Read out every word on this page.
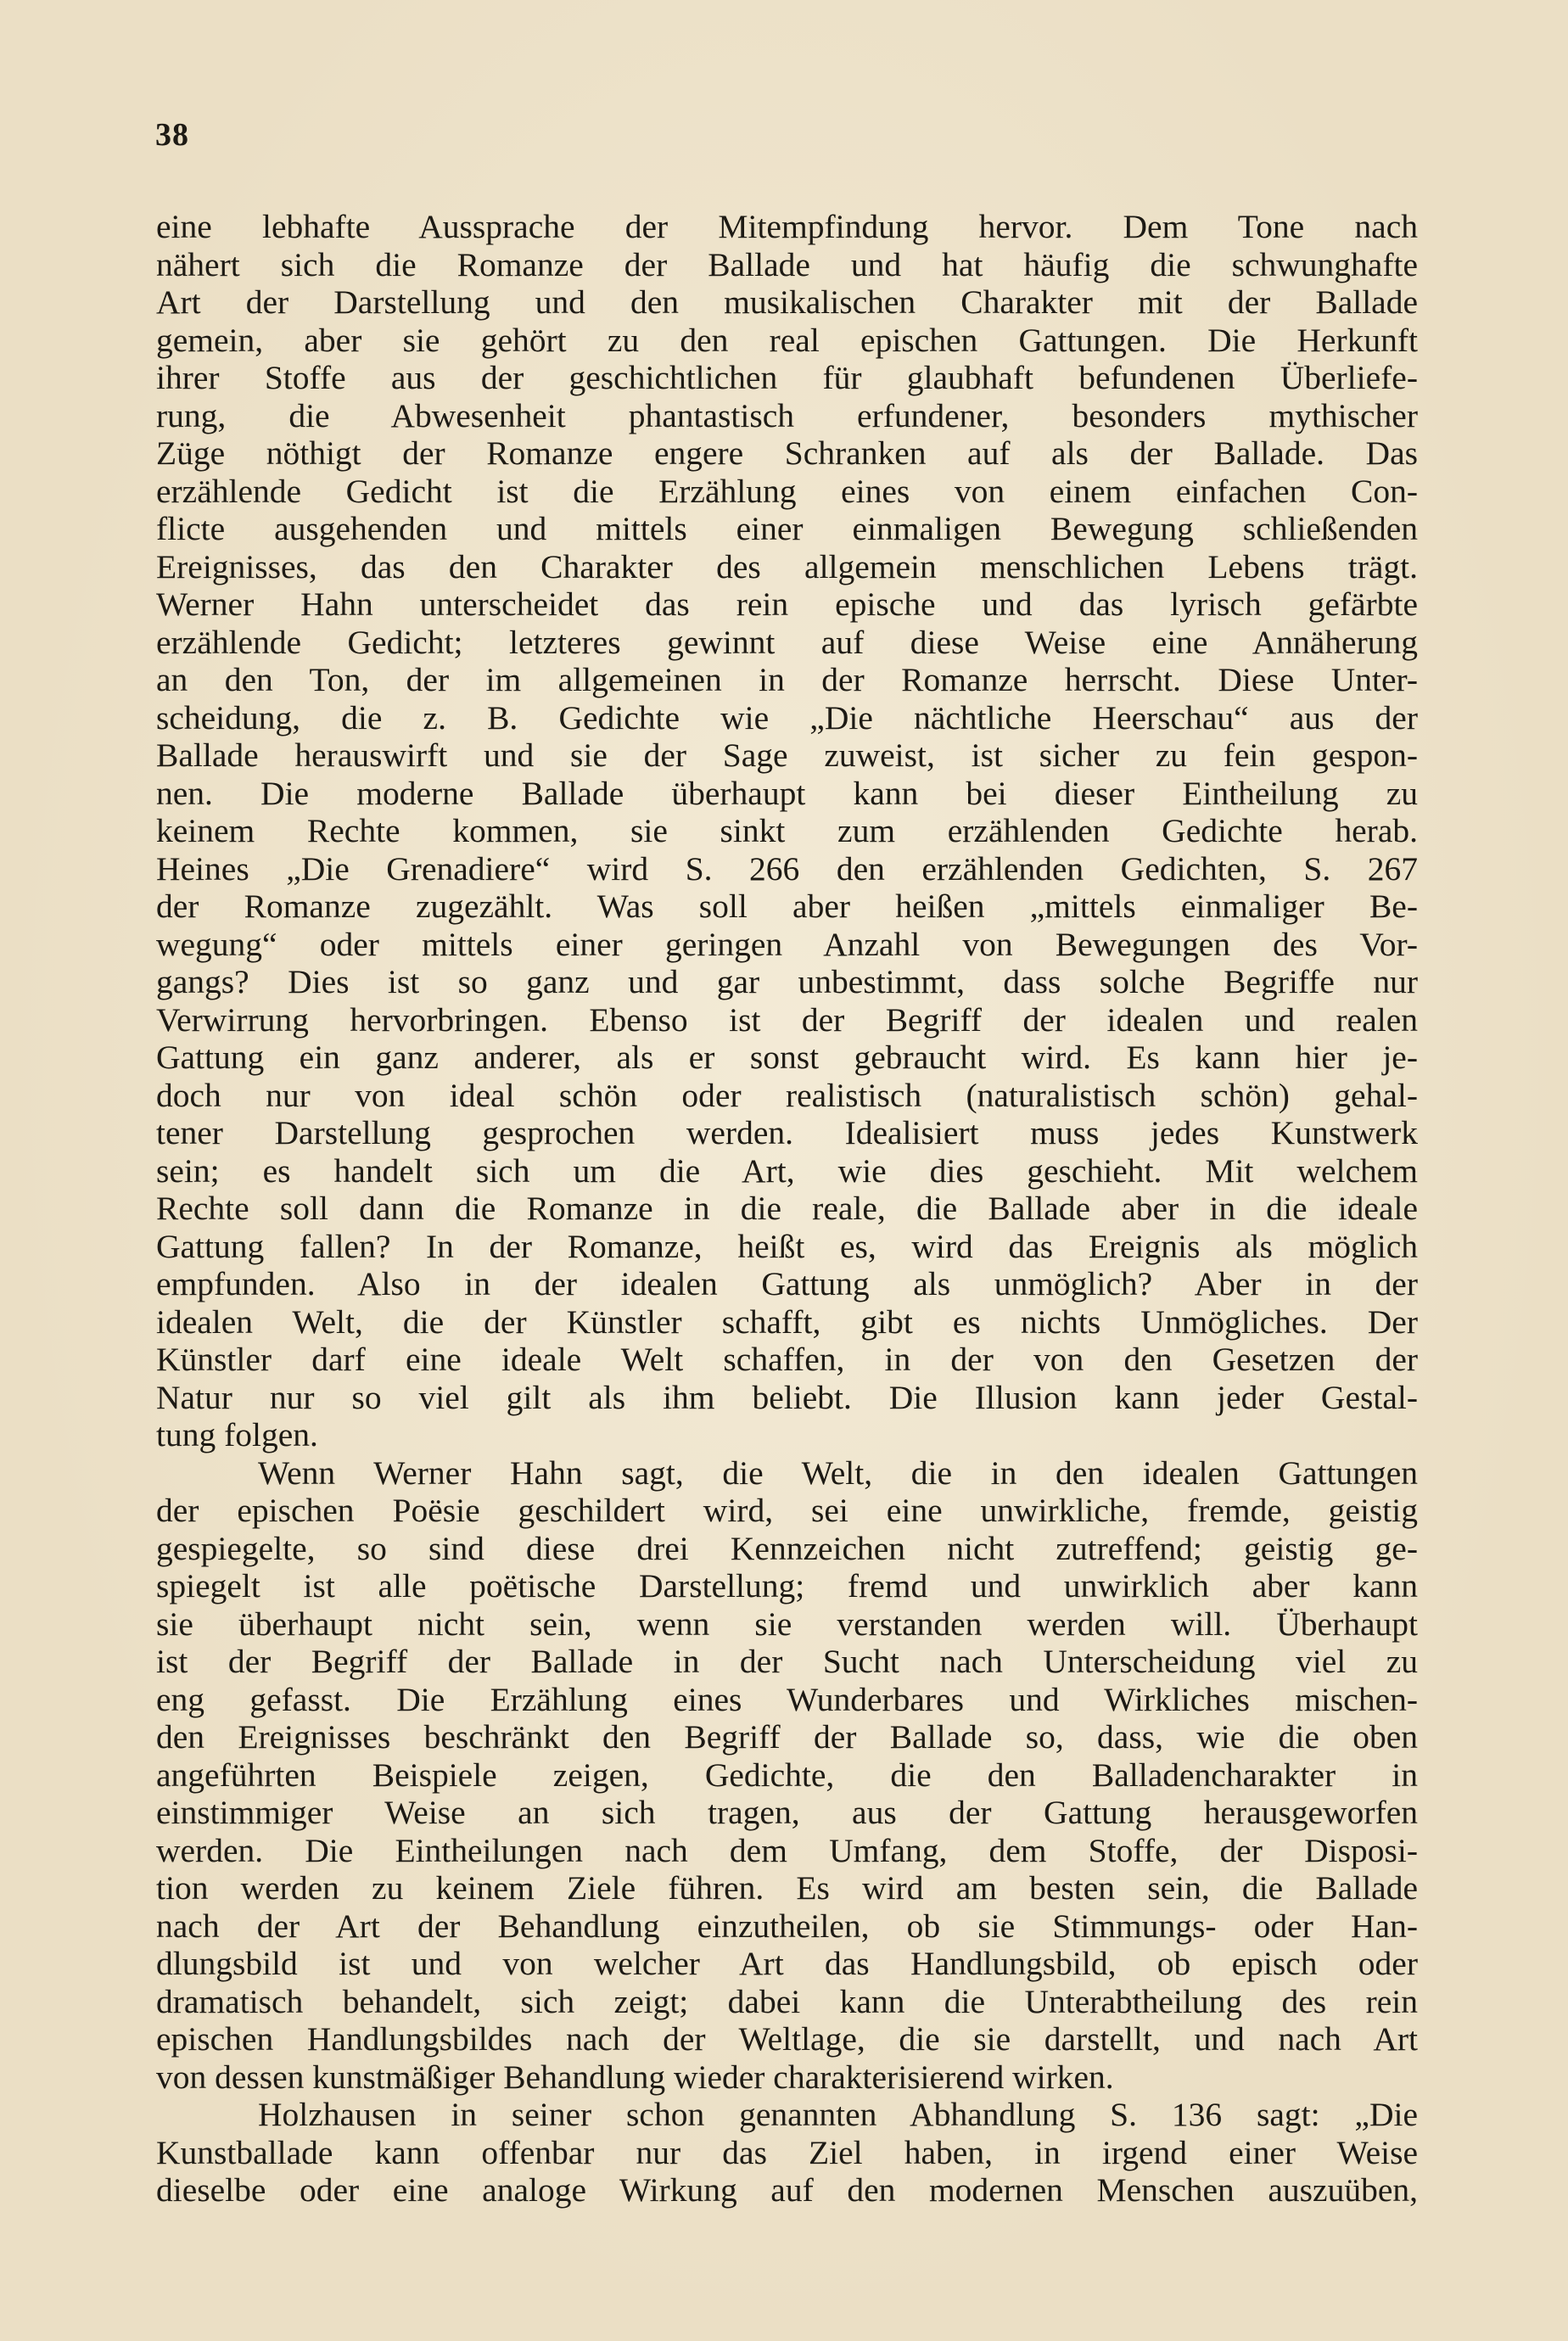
38
eine lebhafte Aussprache der Mitempfindung hervor. Dem Tone nach
nähert sich die Romanze der Ballade und hat häufig die schwunghafte
Art der Darstellung und den musikalischen Charakter mit der Ballade
gemein, aber sie gehört zu den real epischen Gattungen. Die Herkunft
ihrer Stoffe aus der geschichtlichen für glaubhaft befundenen Überliefe-
rung, die Abwesenheit phantastisch erfundener, besonders mythischer
Züge nöthigt der Romanze engere Schranken auf als der Ballade. Das
erzählende Gedicht ist die Erzählung eines von einem einfachen Con-
flicte ausgehenden und mittels einer einmaligen Bewegung schließenden
Ereignisses, das den Charakter des allgemein menschlichen Lebens trägt.
Werner Hahn unterscheidet das rein epische und das lyrisch gefärbte
erzählende Gedicht; letzteres gewinnt auf diese Weise eine Annäherung
an den Ton, der im allgemeinen in der Romanze herrscht. Diese Unter-
scheidung, die z. B. Gedichte wie „Die nächtliche Heerschau“ aus der
Ballade herauswirft und sie der Sage zuweist, ist sicher zu fein gespon-
nen. Die moderne Ballade überhaupt kann bei dieser Eintheilung zu
keinem Rechte kommen, sie sinkt zum erzählenden Gedichte herab.
Heines „Die Grenadiere“ wird S. 266 den erzählenden Gedichten, S. 267
der Romanze zugezählt. Was soll aber heißen „mittels einmaliger Be-
wegung“ oder mittels einer geringen Anzahl von Bewegungen des Vor-
gangs? Dies ist so ganz und gar unbestimmt, dass solche Begriffe nur
Verwirrung hervorbringen. Ebenso ist der Begriff der idealen und realen
Gattung ein ganz anderer, als er sonst gebraucht wird. Es kann hier je-
doch nur von ideal schön oder realistisch (naturalistisch schön) gehal-
tener Darstellung gesprochen werden. Idealisiert muss jedes Kunstwerk
sein; es handelt sich um die Art, wie dies geschieht. Mit welchem
Rechte soll dann die Romanze in die reale, die Ballade aber in die ideale
Gattung fallen? In der Romanze, heißt es, wird das Ereignis als möglich
empfunden. Also in der idealen Gattung als unmöglich? Aber in der
idealen Welt, die der Künstler schafft, gibt es nichts Unmögliches. Der
Künstler darf eine ideale Welt schaffen, in der von den Gesetzen der
Natur nur so viel gilt als ihm beliebt. Die Illusion kann jeder Gestal-
tung folgen.
Wenn Werner Hahn sagt, die Welt, die in den idealen Gattungen
der epischen Poësie geschildert wird, sei eine unwirkliche, fremde, geistig
gespiegelte, so sind diese drei Kennzeichen nicht zutreffend; geistig ge-
spiegelt ist alle poëtische Darstellung; fremd und unwirklich aber kann
sie überhaupt nicht sein, wenn sie verstanden werden will. Überhaupt
ist der Begriff der Ballade in der Sucht nach Unterscheidung viel zu
eng gefasst. Die Erzählung eines Wunderbares und Wirkliches mischen-
den Ereignisses beschränkt den Begriff der Ballade so, dass, wie die oben
angeführten Beispiele zeigen, Gedichte, die den Balladencharakter in
einstimmiger Weise an sich tragen, aus der Gattung herausgeworfen
werden. Die Eintheilungen nach dem Umfang, dem Stoffe, der Disposi-
tion werden zu keinem Ziele führen. Es wird am besten sein, die Ballade
nach der Art der Behandlung einzutheilen, ob sie Stimmungs- oder Han-
dlungsbild ist und von welcher Art das Handlungsbild, ob episch oder
dramatisch behandelt, sich zeigt; dabei kann die Unterabtheilung des rein
epischen Handlungsbildes nach der Weltlage, die sie darstellt, und nach Art
von dessen kunstmäßiger Behandlung wieder charakterisierend wirken.
Holzhausen in seiner schon genannten Abhandlung S. 136 sagt: „Die
Kunstballade kann offenbar nur das Ziel haben, in irgend einer Weise
dieselbe oder eine analoge Wirkung auf den modernen Menschen auszuüben,
